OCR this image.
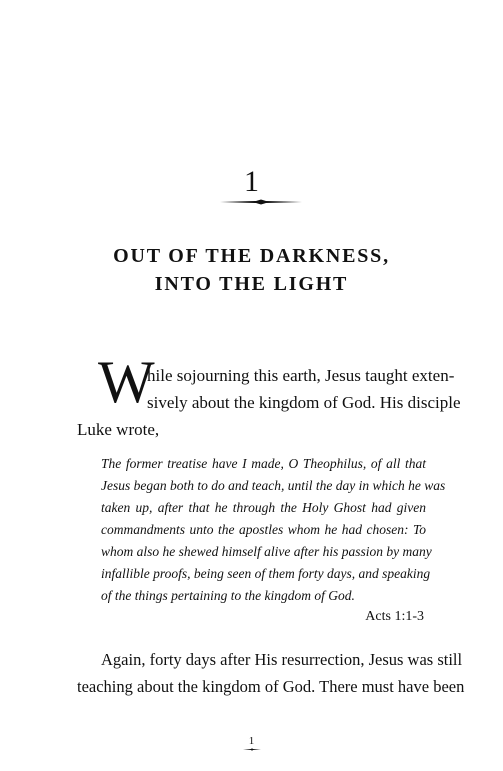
1
OUT OF THE DARKNESS,
INTO THE LIGHT
W
hile sojourning this earth, Jesus taught exten-
sively about the kingdom of God. His disciple
Luke wrote,
The former treatise have I made, O Theophilus, of all that
Jesus began both to do and teach, until the day in which he was
taken up, after that he through the Holy Ghost had given
commandments unto the apostles whom he had chosen: To
whom also he shewed himself alive after his passion by many
infallible proofs, being seen of them forty days, and speaking
of the things pertaining to the kingdom of God.
Acts 1:1-3
Again, forty days after His resurrection, Jesus was still
teaching about the kingdom of God. There must have been
1
